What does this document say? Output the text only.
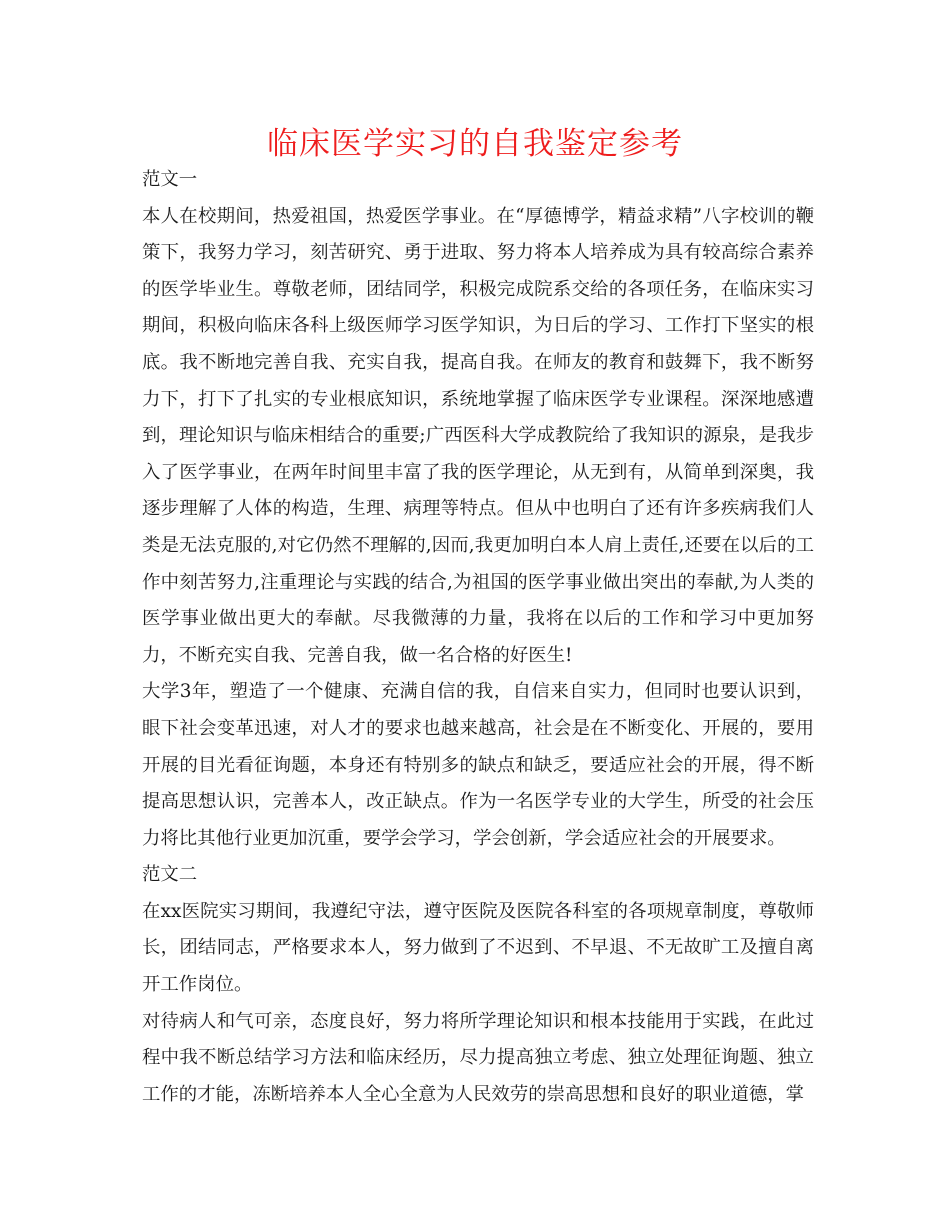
临床医学实习的自我鉴定参考

范文一

本人在校期间，热爱祖国，热爱医学事业。在“厚德博学，精益求精”八字校训的鞭策下，我努力学习，刻苦研究、勇于进取、努力将本人培养成为具有较高综合素养的医学毕业生。尊敬老师，团结同学，积极完成院系交给的各项任务，在临床实习期间，积极向临床各科上级医师学习医学知识，为日后的学习、工作打下坚实的根底。我不断地完善自我、充实自我，提高自我。在师友的教育和鼓舞下，我不断努力下，打下了扎实的专业根底知识，系统地掌握了临床医学专业课程。深深地感遭到，理论知识与临床相结合的重要;广西医科大学成教院给了我知识的源泉，是我步入了医学事业，在两年时间里丰富了我的医学理论，从无到有，从简单到深奥，我逐步理解了人体的构造，生理、病理等特点。但从中也明白了还有许多疾病我们人类是无法克服的,对它仍然不理解的,因而,我更加明白本人肩上责任,还要在以后的工作中刻苦努力,注重理论与实践的结合,为祖国的医学事业做出突出的奉献,为人类的医学事业做出更大的奉献。尽我微薄的力量，我将在以后的工作和学习中更加努力，不断充实自我、完善自我，做一名合格的好医生!

大学3年，塑造了一个健康、充满自信的我，自信来自实力，但同时也要认识到，眼下社会变革迅速，对人才的要求也越来越高，社会是在不断变化、开展的，要用开展的目光看征询题，本身还有特别多的缺点和缺乏，要适应社会的开展，得不断提高思想认识，完善本人，改正缺点。作为一名医学专业的大学生，所受的社会压力将比其他行业更加沉重，要学会学习，学会创新，学会适应社会的开展要求。

范文二

在xx医院实习期间，我遵纪守法，遵守医院及医院各科室的各项规章制度，尊敬师长，团结同志，严格要求本人，努力做到了不迟到、不早退、不无故旷工及擅自离开工作岗位。

对待病人和气可亲，态度良好，努力将所学理论知识和根本技能用于实践，在此过程中我不断总结学习方法和临床经历，尽力提高独立考虑、独立处理征询题、独立工作的才能，冻断培养本人全心全意为人民效劳的崇高思想和良好的职业道德，掌
